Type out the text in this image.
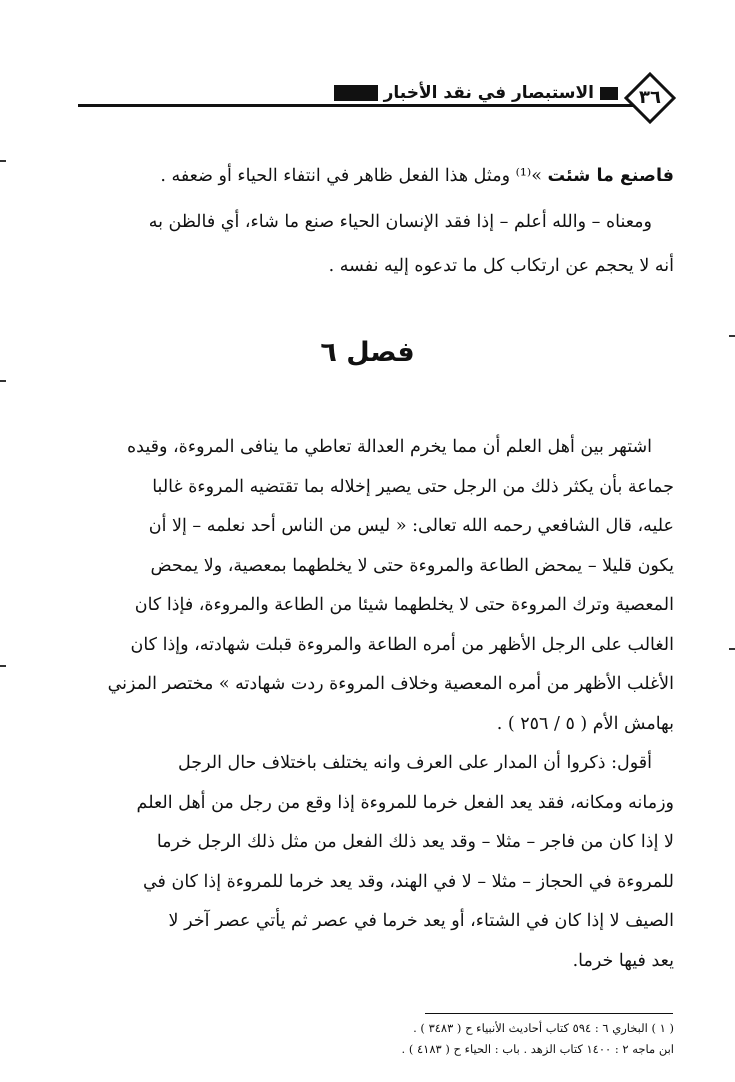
الاستبصار في نقد الأخبار	٣٦
فاصنع ما شئت »⁽¹⁾ ومثل هذا الفعل ظاهر في انتفاء الحياء أو ضعفه .
ومعناه – والله أعلم – إذا فقد الإنسان الحياء صنع ما شاء، أي فالظن به
أنه لا يحجم عن ارتكاب كل ما تدعوه إليه نفسه .
فصل ٦
اشتهر بين أهل العلم أن مما يخرم العدالة تعاطي ما ينافى المروءة، وقيده
جماعة بأن يكثر ذلك من الرجل حتى يصير إخلاله بما تقتضيه المروءة غالبا
عليه، قال الشافعي رحمه الله تعالى: « ليس من الناس أحد نعلمه – إلا أن
يكون قليلا – يمحض الطاعة والمروءة حتى لا يخلطهما بمعصية، ولا يمحض
المعصية وترك المروءة حتى لا يخلطهما شيئا من الطاعة والمروءة، فإذا كان
الغالب على الرجل الأظهر من أمره الطاعة والمروءة قبلت شهادته، وإذا كان
الأغلب الأظهر من أمره المعصية وخلاف المروءة ردت شهادته » مختصر المزني
بهامش الأم ( ٥ / ٢٥٦ ) .
أقول: ذكروا أن المدار على العرف وانه يختلف باختلاف حال الرجل
وزمانه ومكانه، فقد يعد الفعل خرما للمروءة إذا وقع من رجل من أهل العلم
لا إذا كان من فاجر – مثلا – وقد يعد ذلك الفعل من مثل ذلك الرجل خرما
للمروءة في الحجاز – مثلا – لا في الهند، وقد يعد خرما للمروءة إذا كان في
الصيف لا إذا كان في الشتاء، أو يعد خرما في عصر ثم يأتي عصر آخر لا
يعد فيها خرما.
( ١ ) البخاري ٦ : ٥٩٤ كتاب أحاديث الأنبياء ح ( ٣٤٨٣ ) .
ابن ماجه ٢ : ١٤٠٠ كتاب الزهد . باب : الحياء ح ( ٤١٨٣ ) .
